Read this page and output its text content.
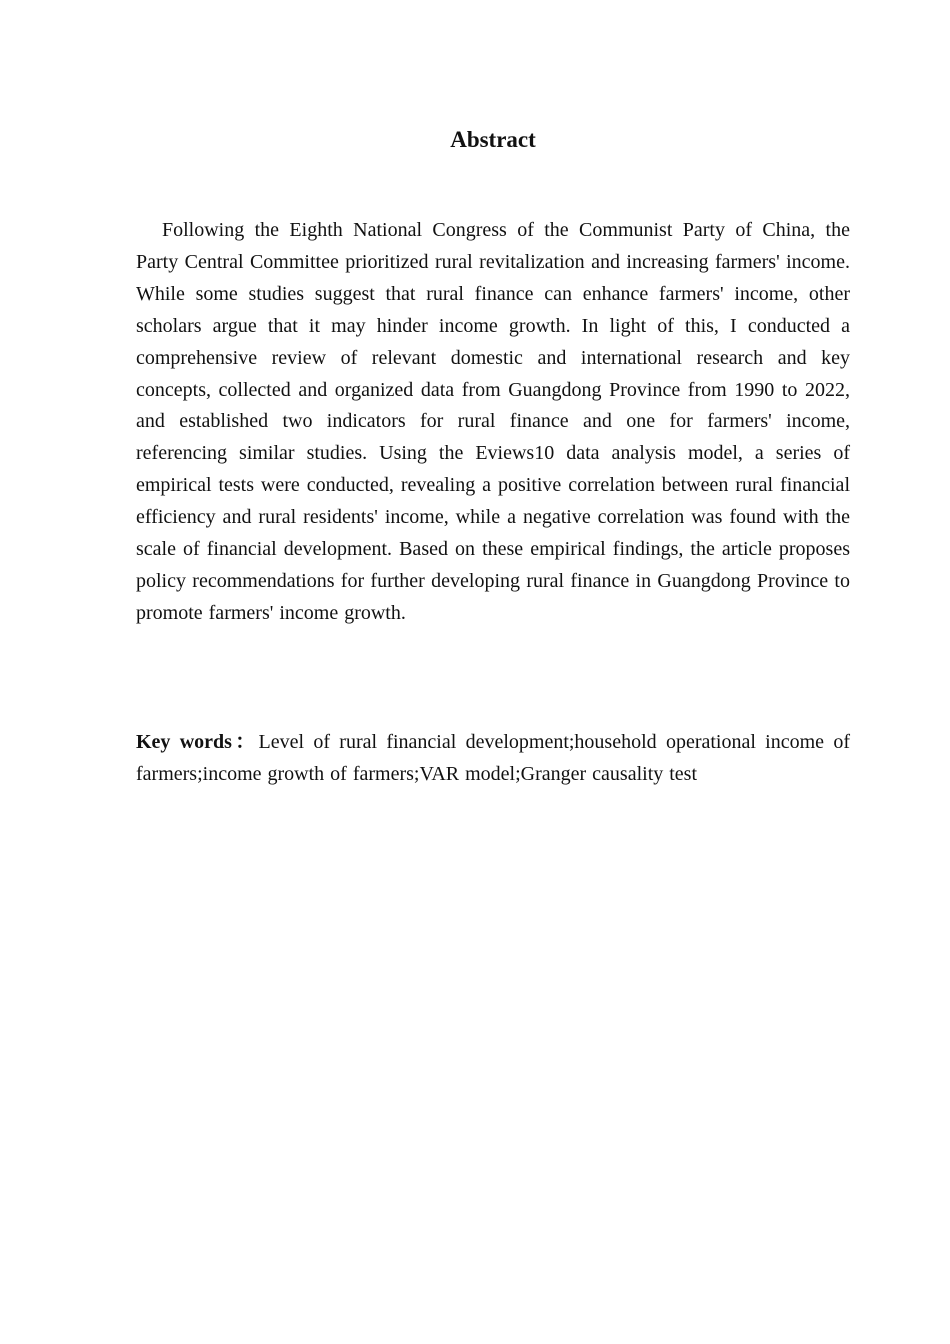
Abstract

Following the Eighth National Congress of the Communist Party of China, the Party Central Committee prioritized rural revitalization and increasing farmers' income. While some studies suggest that rural finance can enhance farmers' income, other scholars argue that it may hinder income growth. In light of this, I conducted a comprehensive review of relevant domestic and international research and key concepts, collected and organized data from Guangdong Province from 1990 to 2022, and established two indicators for rural finance and one for farmers' income, referencing similar studies. Using the Eviews10 data analysis model, a series of empirical tests were conducted, revealing a positive correlation between rural financial efficiency and rural residents' income, while a negative correlation was found with the scale of financial development. Based on these empirical findings, the article proposes policy recommendations for further developing rural finance in Guangdong Province to promote farmers' income growth.

Key words：Level of rural financial development;household operational income of farmers;income growth of farmers;VAR model;Granger causality test
